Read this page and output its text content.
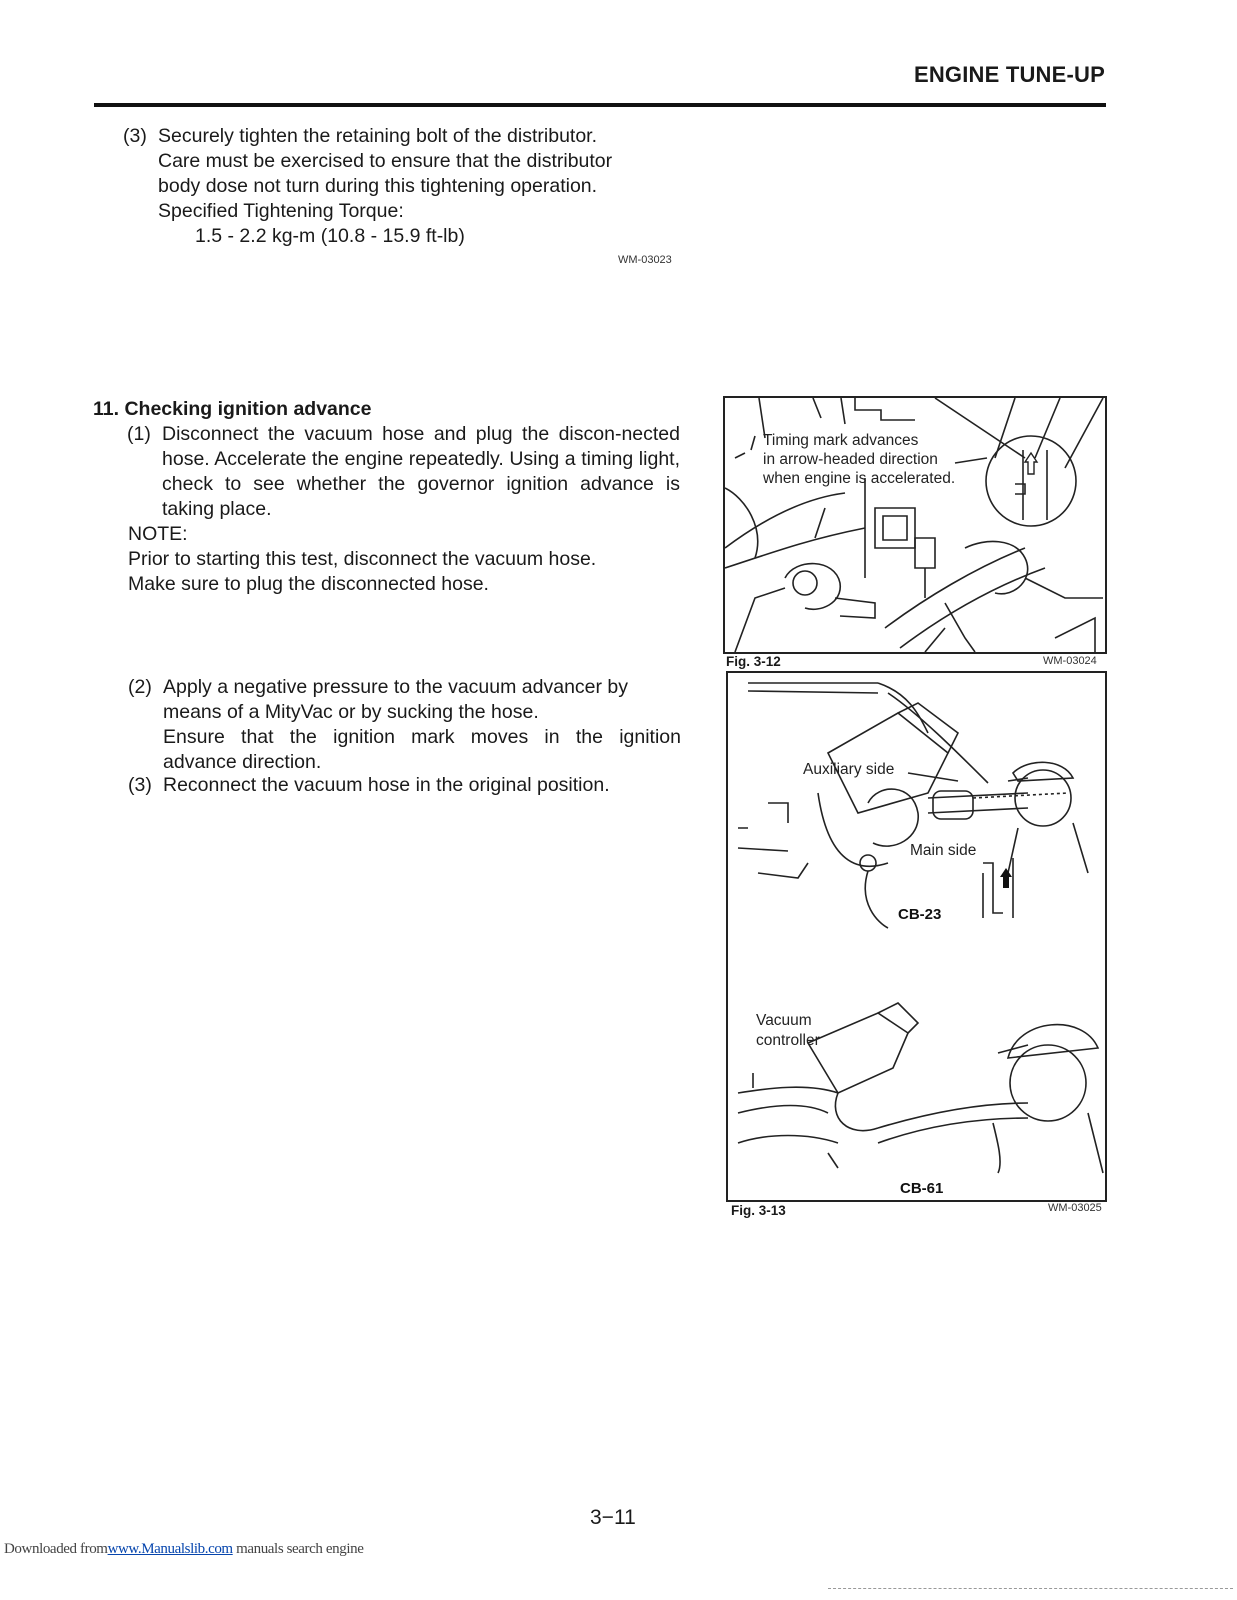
ENGINE TUNE-UP
(3) Securely tighten the retaining bolt of the distributor.
Care must be exercised to ensure that the distributor
body dose not turn during this tightening operation.
Specified Tightening Torque:
1.5 - 2.2 kg-m (10.8 - 15.9 ft-lb)
WM-03023
11. Checking ignition advance
(1) Disconnect the vacuum hose and plug the discon-nected hose. Accelerate the engine repeatedly. Using a timing light, check to see whether the governor ignition advance is taking place.
NOTE:
Prior to starting this test, disconnect the vacuum hose.
Make sure to plug the disconnected hose.
(2) Apply a negative pressure to the vacuum advancer by
means of a MityVac or by sucking the hose.
Ensure that the ignition mark moves in the ignition
advance direction.
(3) Reconnect the vacuum hose in the original position.
Timing mark advances
in arrow-headed direction
when engine is accelerated.
Fig. 3-12	WM-03024
Auxiliary side
Main side
CB-23
Vacuum
controller
CB-61
Fig. 3-13	WM-03025
3−11
Downloaded fromwww.Manualslib.com manuals search engine
